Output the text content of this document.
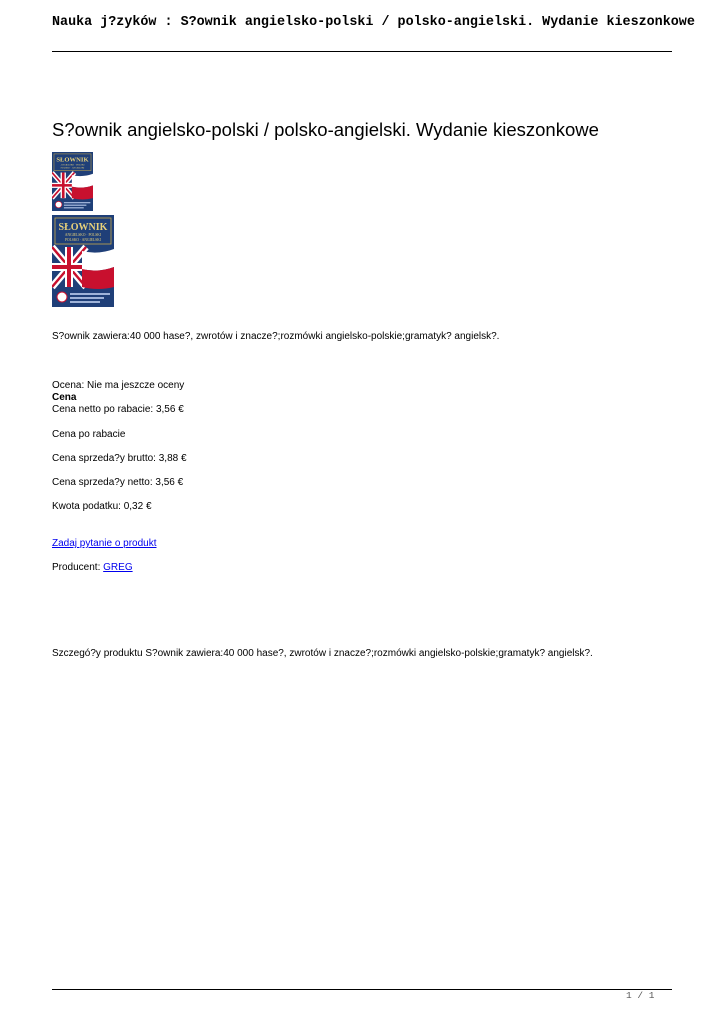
Nauka j?zyków : S?ownik angielsko-polski / polsko-angielski. Wydanie kieszonkowe
S?ownik angielsko-polski / polsko-angielski. Wydanie kieszonkowe
SŁOWNIK
ANGIELSKO · POLSKI
POLSKO · ANGIELSKI
SŁOWNIK
ANGIELSKO · POLSKI
POLSKO · ANGIELSKI

S?ownik zawiera:40 000 hase?, zwrotów i znacze?;rozmówki angielsko-polskie;gramatyk? angielsk?.

Ocena: Nie ma jeszcze oceny

Cena

Cena netto po rabacie: 3,56 €

Cena po rabacie

Cena sprzeda?y brutto: 3,88 €

Cena sprzeda?y netto: 3,56 €

Kwota podatku: 0,32 €

Zadaj pytanie o produkt

Producent: GREG

Szczegó?y produktu S?ownik zawiera:40 000 hase?, zwrotów i znacze?;rozmówki angielsko-polskie;gramatyk? angielsk?.

1 / 1
